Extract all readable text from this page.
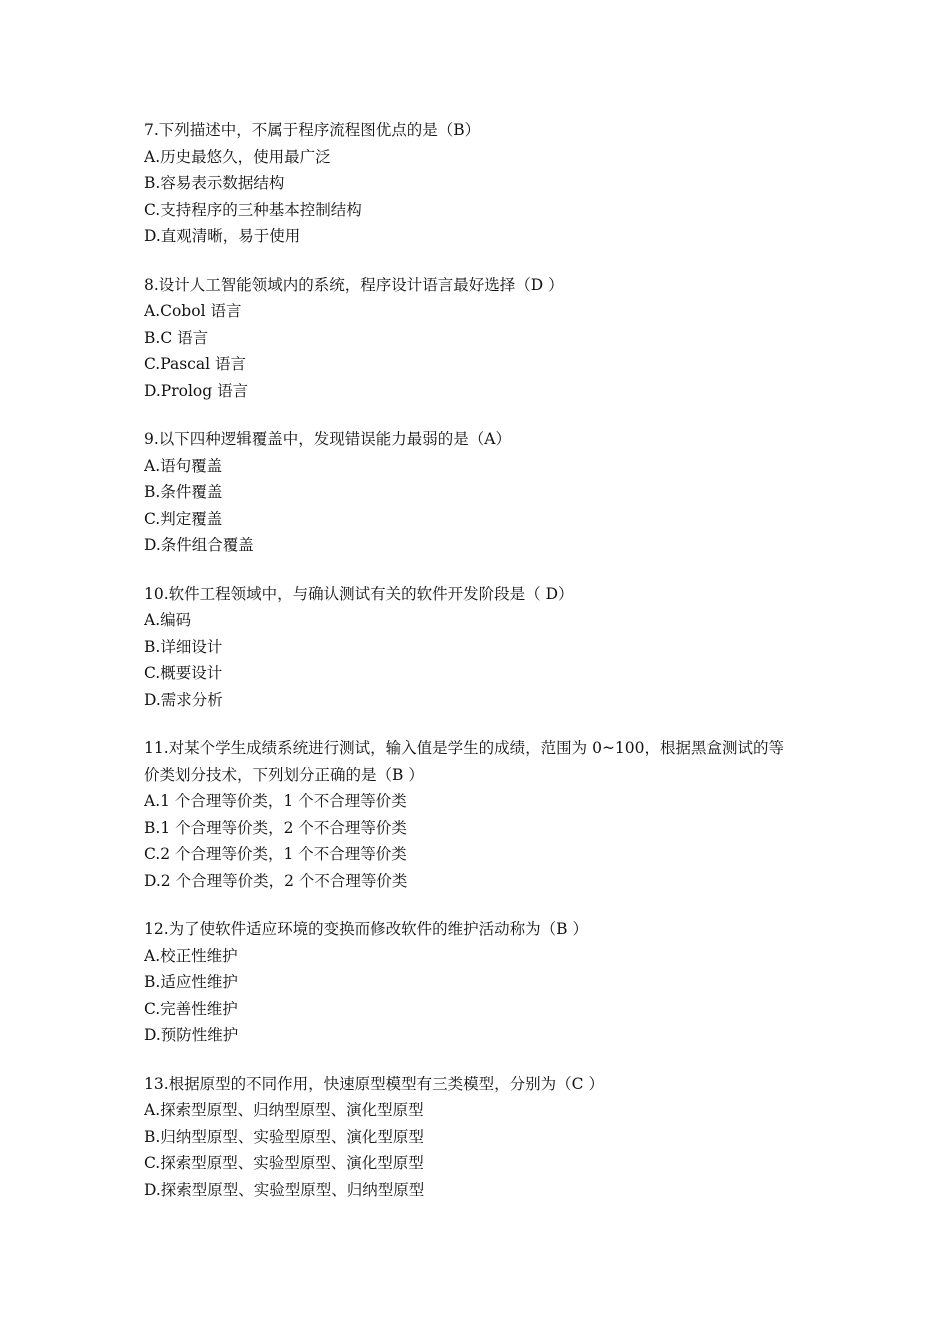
7.下列描述中，不属于程序流程图优点的是（B）
A.历史最悠久，使用最广泛
B.容易表示数据结构
C.支持程序的三种基本控制结构
D.直观清晰，易于使用
8.设计人工智能领域内的系统，程序设计语言最好选择（D ）
A.Cobol 语言
B.C 语言
C.Pascal 语言
D.Prolog 语言
9.以下四种逻辑覆盖中，发现错误能力最弱的是（A）
A.语句覆盖
B.条件覆盖
C.判定覆盖
D.条件组合覆盖
10.软件工程领域中，与确认测试有关的软件开发阶段是（ D）
A.编码
B.详细设计
C.概要设计
D.需求分析
11.对某个学生成绩系统进行测试，输入值是学生的成绩，范围为 0~100，根据黑盒测试的等
价类划分技术，下列划分正确的是（B ）
A.1 个合理等价类，1 个不合理等价类
B.1 个合理等价类，2 个不合理等价类
C.2 个合理等价类，1 个不合理等价类
D.2 个合理等价类，2 个不合理等价类
12.为了使软件适应环境的变换而修改软件的维护活动称为（B ）
A.校正性维护
B.适应性维护
C.完善性维护
D.预防性维护
13.根据原型的不同作用，快速原型模型有三类模型，分别为（C ）
A.探索型原型、归纳型原型、演化型原型
B.归纳型原型、实验型原型、演化型原型
C.探索型原型、实验型原型、演化型原型
D.探索型原型、实验型原型、归纳型原型
